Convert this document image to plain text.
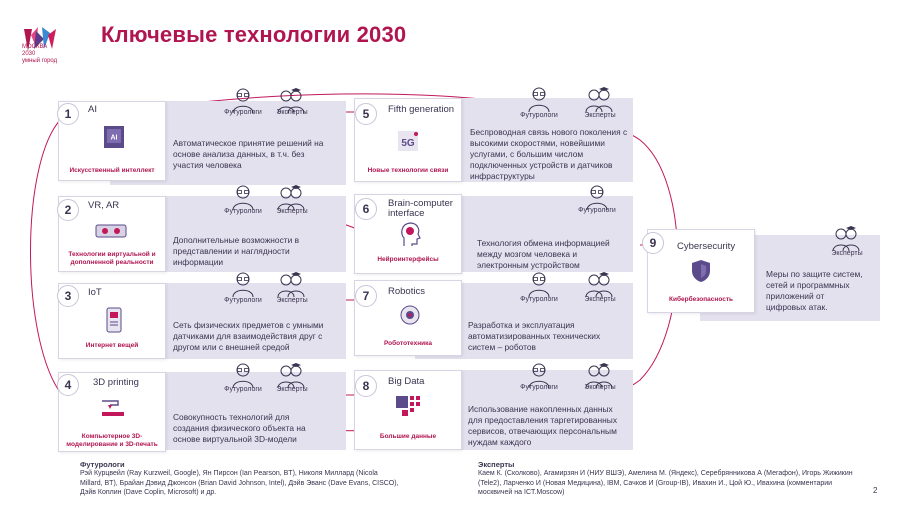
МОСКВА
2030
умный город
Ключевые технологии 2030
1	AI
AI
Искусственный интеллект
Автоматическое принятие решений на основе анализа данных, в т.ч. без участия человека
Футурологи	Эксперты
2	VR, AR
Технологии виртуальной и дополненной реальности
Дополнительные возможности в представлении и наглядности информации
Футурологи	Эксперты
3	IoT
Интернет вещей
Сеть физических предметов с умными датчиками для взаимодействия друг с другом или с внешней средой
Футурологи	Эксперты
4	3D printing
Компьютерное 3D-моделирование и 3D-печать
Совокупность технологий для создания физического объекта на основе виртуальной 3D-модели
Футурологи	Эксперты
5	Fifth generation
5G
Новые технологии связи
Беспроводная связь нового поколения с высокими скоростями, новейшими услугами, с большим числом подключенных устройств и датчиков инфраструктуры
Футурологи	Эксперты
6	Brain-computer interface
Нейроинтерфейсы
Технология обмена информацией между мозгом человека и электронным устройством
Футурологи
7	Robotics
Робототехника
Разработка и эксплуатация автоматизированных технических систем – роботов
Футурологи	Эксперты
8	Big Data
Большие данные
Использование накопленных данных для предоставления таргетированных сервисов, отвечающих персональным нуждам каждого
Футурологи	Эксперты
9	Cybersecurity
Кибербезопасность
Меры по защите систем, сетей и программных приложений от цифровых атак.
Эксперты
Футурологи
Рэй Курцвейл (Ray Kurzweil, Google), Ян Пирсон (Ian Pearson, BT), Николя Миллард (Nicola Millard, BT), Брайан Дэвид Джонсон (Brian David Johnson, Intel), Дэйв Эванс (Dave Evans, CISCO), Дэйв Коплин (Dave Coplin, Microsoft) и др.
Эксперты
Каем К. (Сколково), Агамирзян И (НИУ ВШЭ), Амелина М. (Яндекс), Серебрянникова А (Мегафон), Игорь Жижикин (Tele2), Ларченко И (Новая Медицина), IBM, Сачков И (Group-IB), Ивахин И., Цой Ю., Ивахина (комментарии москвичей на ICT.Moscow)	2
